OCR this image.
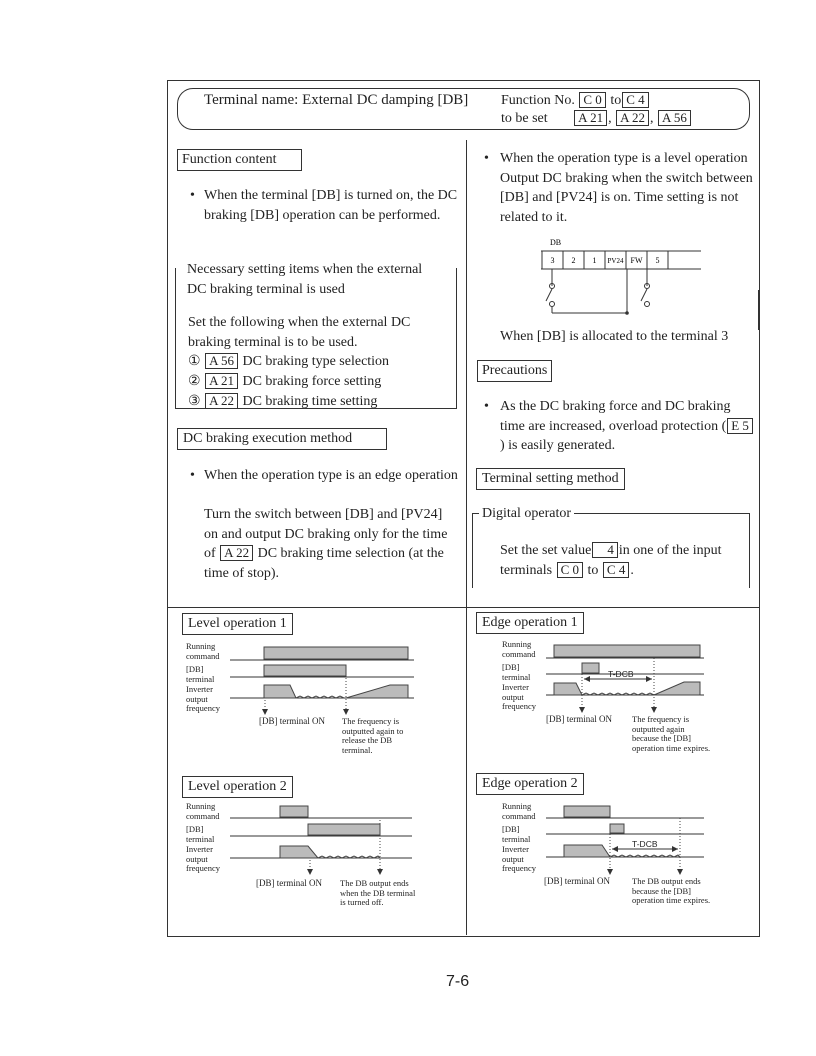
Terminal name: External DC damping [DB] Function No. C 0 to C 4
to be set A 21 , A 22 , A 56
Function content
• When the terminal [DB] is turned on, the DC braking [DB] operation can be performed.
Necessary setting items when the external DC braking terminal is used
Set the following when the external DC braking terminal is to be used.
① A 56 DC braking type selection
② A 21 DC braking force setting
③ A 22 DC braking time setting
DC braking execution method
• When the operation type is an edge operation
Turn the switch between [DB] and [PV24] on and output DC braking only for the time of A 22 DC braking time selection (at the time of stop).
• When the operation type is a level operation Output DC braking when the switch between [DB] and [PV24] is on. Time setting is not related to it.
DB
3 2 1 PV24 FW 5
When [DB] is allocated to the terminal 3
Precautions
• As the DC braking force and DC braking time are increased, overload protection ( E 5) is easily generated.
Terminal setting method
Digital operator
Set the set value 4 in one of the input terminals C 0 to C 4 .
Level operation 1	Edge operation 1
Level operation 2	Edge operation 2
Running command
[DB] terminal
Inverter output frequency
[DB] terminal ON The frequency is outputted again to release the DB terminal.
Running command
[DB] terminal
Inverter output frequency
[DB] terminal ON The DB output ends when the DB terminal is turned off.
Running command
[DB] terminal
Inverter output frequency
T-DCB
[DB] terminal ON The frequency is outputted again because the [DB] operation time expires.
Running command
[DB] terminal
Inverter output frequency
T-DCB
[DB] terminal ON	The DB output ends because the [DB] operation time expires.
7-6
